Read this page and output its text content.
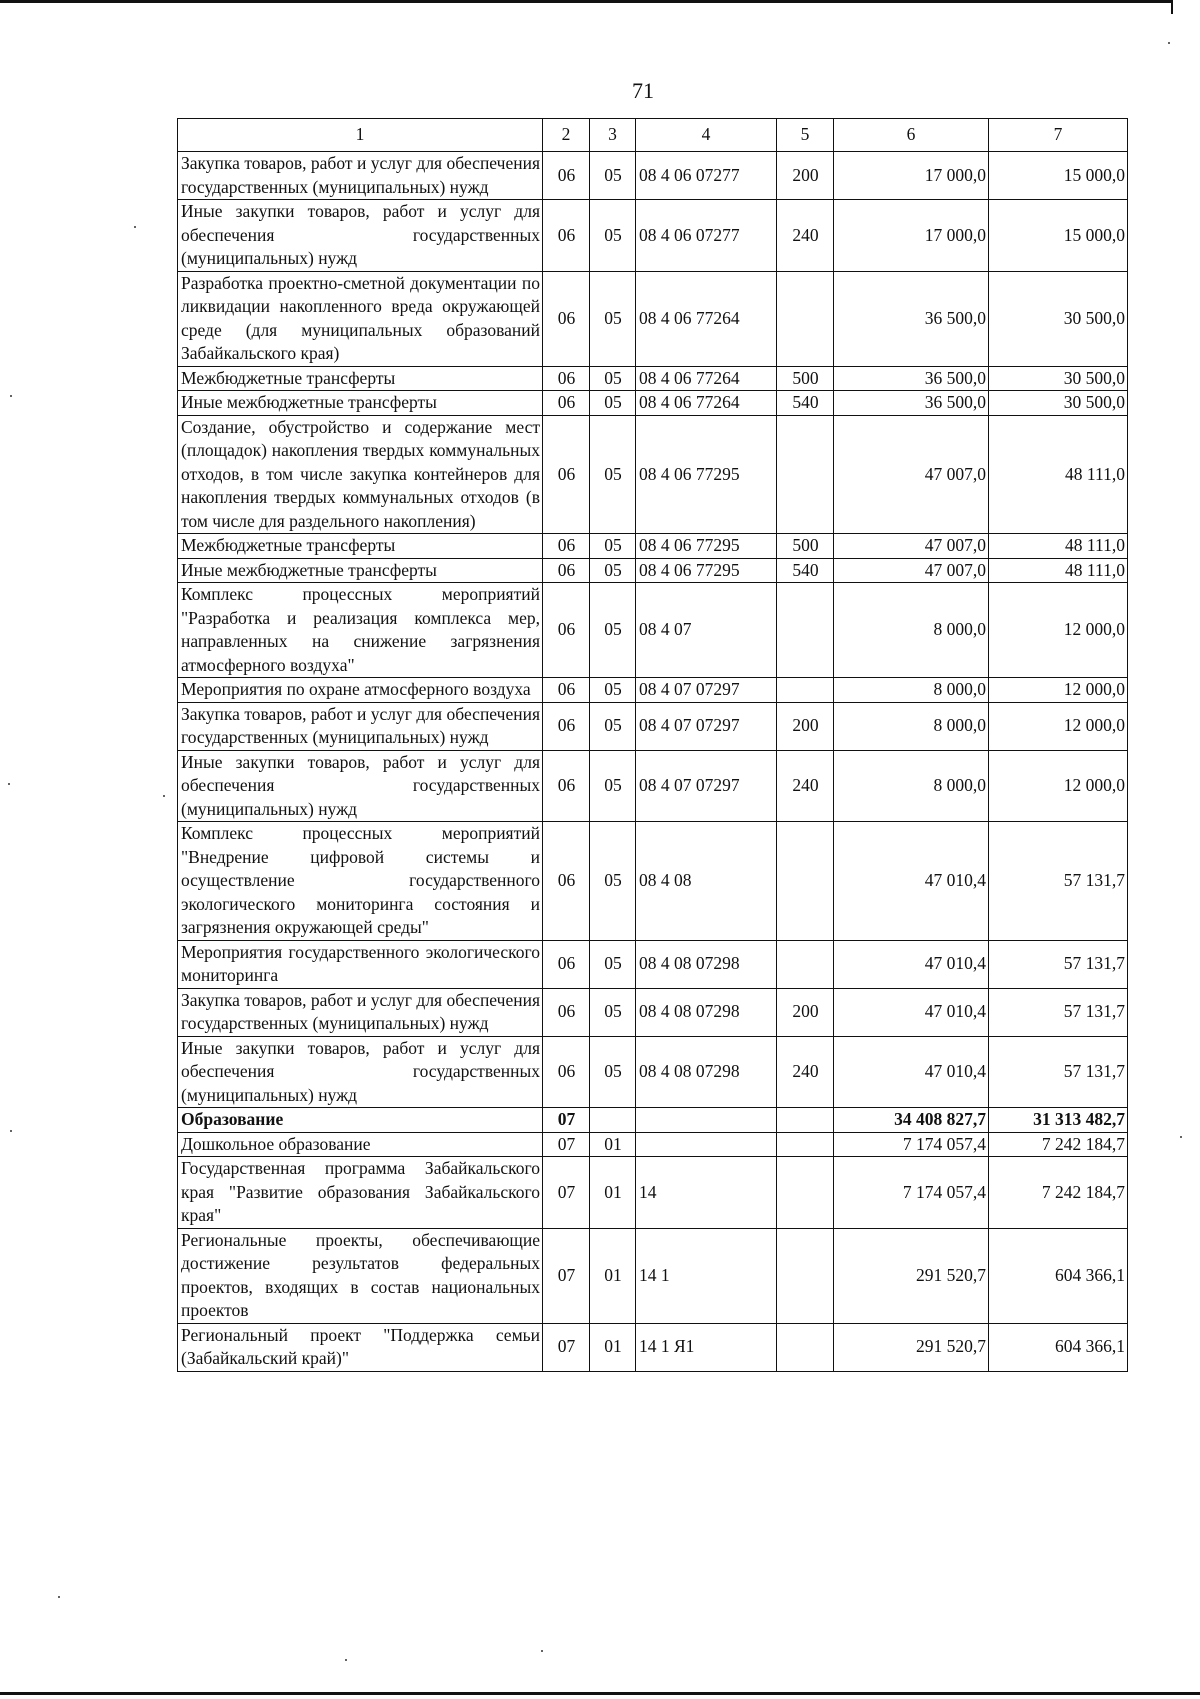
71
1	2	3	4	5	6	7
Закупка товаров, работ и услуг для обеспечения государственных (муниципальных) нужд	06	05	08 4 06 07277	200	17 000,0	15 000,0
Иные закупки товаров, работ и услуг для обеспечения государственных (муниципальных) нужд	06	05	08 4 06 07277	240	17 000,0	15 000,0
Разработка проектно-сметной документации по ликвидации накопленного вреда окружающей среде (для муниципальных образований Забайкальского края)	06	05	08 4 06 77264		36 500,0	30 500,0
Межбюджетные трансферты	06	05	08 4 06 77264	500	36 500,0	30 500,0
Иные межбюджетные трансферты	06	05	08 4 06 77264	540	36 500,0	30 500,0
Создание, обустройство и содержание мест (площадок) накопления твердых коммунальных отходов, в том числе закупка контейнеров для накопления твердых коммунальных отходов (в том числе для раздельного накопления)	06	05	08 4 06 77295		47 007,0	48 111,0
Межбюджетные трансферты	06	05	08 4 06 77295	500	47 007,0	48 111,0
Иные межбюджетные трансферты	06	05	08 4 06 77295	540	47 007,0	48 111,0
Комплекс процессных мероприятий "Разработка и реализация комплекса мер, направленных на снижение загрязнения атмосферного воздуха"	06	05	08 4 07		8 000,0	12 000,0
Мероприятия по охране атмосферного воздуха	06	05	08 4 07 07297		8 000,0	12 000,0
Закупка товаров, работ и услуг для обеспечения государственных (муниципальных) нужд	06	05	08 4 07 07297	200	8 000,0	12 000,0
Иные закупки товаров, работ и услуг для обеспечения государственных (муниципальных) нужд	06	05	08 4 07 07297	240	8 000,0	12 000,0
Комплекс процессных мероприятий "Внедрение цифровой системы и осуществление государственного экологического мониторинга состояния и загрязнения окружающей среды"	06	05	08 4 08		47 010,4	57 131,7
Мероприятия государственного экологического мониторинга	06	05	08 4 08 07298		47 010,4	57 131,7
Закупка товаров, работ и услуг для обеспечения государственных (муниципальных) нужд	06	05	08 4 08 07298	200	47 010,4	57 131,7
Иные закупки товаров, работ и услуг для обеспечения государственных (муниципальных) нужд	06	05	08 4 08 07298	240	47 010,4	57 131,7
Образование	07				34 408 827,7	31 313 482,7
Дошкольное образование	07	01			7 174 057,4	7 242 184,7
Государственная программа Забайкальского края "Развитие образования Забайкальского края"	07	01	14		7 174 057,4	7 242 184,7
Региональные проекты, обеспечивающие достижение результатов федеральных проектов, входящих в состав национальных проектов	07	01	14 1		291 520,7	604 366,1
Региональный проект "Поддержка семьи (Забайкальский край)"	07	01	14 1 Я1		291 520,7	604 366,1
